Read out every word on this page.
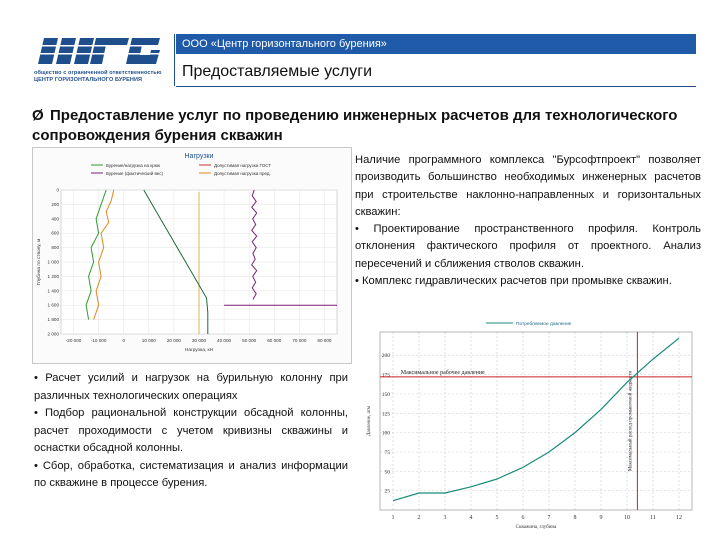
общество с ограниченной ответственностью
ЦЕНТР ГОРИЗОНТАЛЬНОГО БУРЕНИЯ
ООО «Центр горизонтального бурения»
Предоставляемые услуги
Ø Предоставление услуг по проведению инженерных расчетов для технологического сопровождения бурения скважин
Нагрузки
Бурение/нагрузка на крюк	Допустимая нагрузка ГОСТ
Бурение (фактический вес)	Допустимая нагрузка пред.
-20 000 -10 000	0	10 000 20 000 30 000 40 000 50 000 60 000 70 000 80 000
0
200
400
600
800
1 000
1 200
1 400
1 600
1 800
2 000
Нагрузка, кН
Глубина по стволу, м

Наличие программного комплекса "Бурсофтпроект" позволяет производить большинство необходимых инженерных расчетов при строительстве наклонно-направленных и горизонтальных скважин:

• Проектирование пространственного профиля. Контроль отклонения фактического профиля от проектного. Анализ пересечений и сближения стволов скважин.

• Комплекс гидравлических расчетов при промывке скважин.

• Расчет усилий и нагрузок на бурильную колонну при различных технологических операциях

• Подбор рациональной конструкции обсадной колонны, расчет проходимости с учетом кривизны скважины и оснастки обсадной колонны.

• Сбор, обработка, систематизация и анализ информации по скважине в процессе бурения.

Потребляемое давление
1	2	3	4	5	6	7	8	9	10	11	12
25
50
75
100
125
150
175
200
Скважина, глубина
Давление, атм
Максимальное рабочее давление	Максимальный расход промывочной жидкости
